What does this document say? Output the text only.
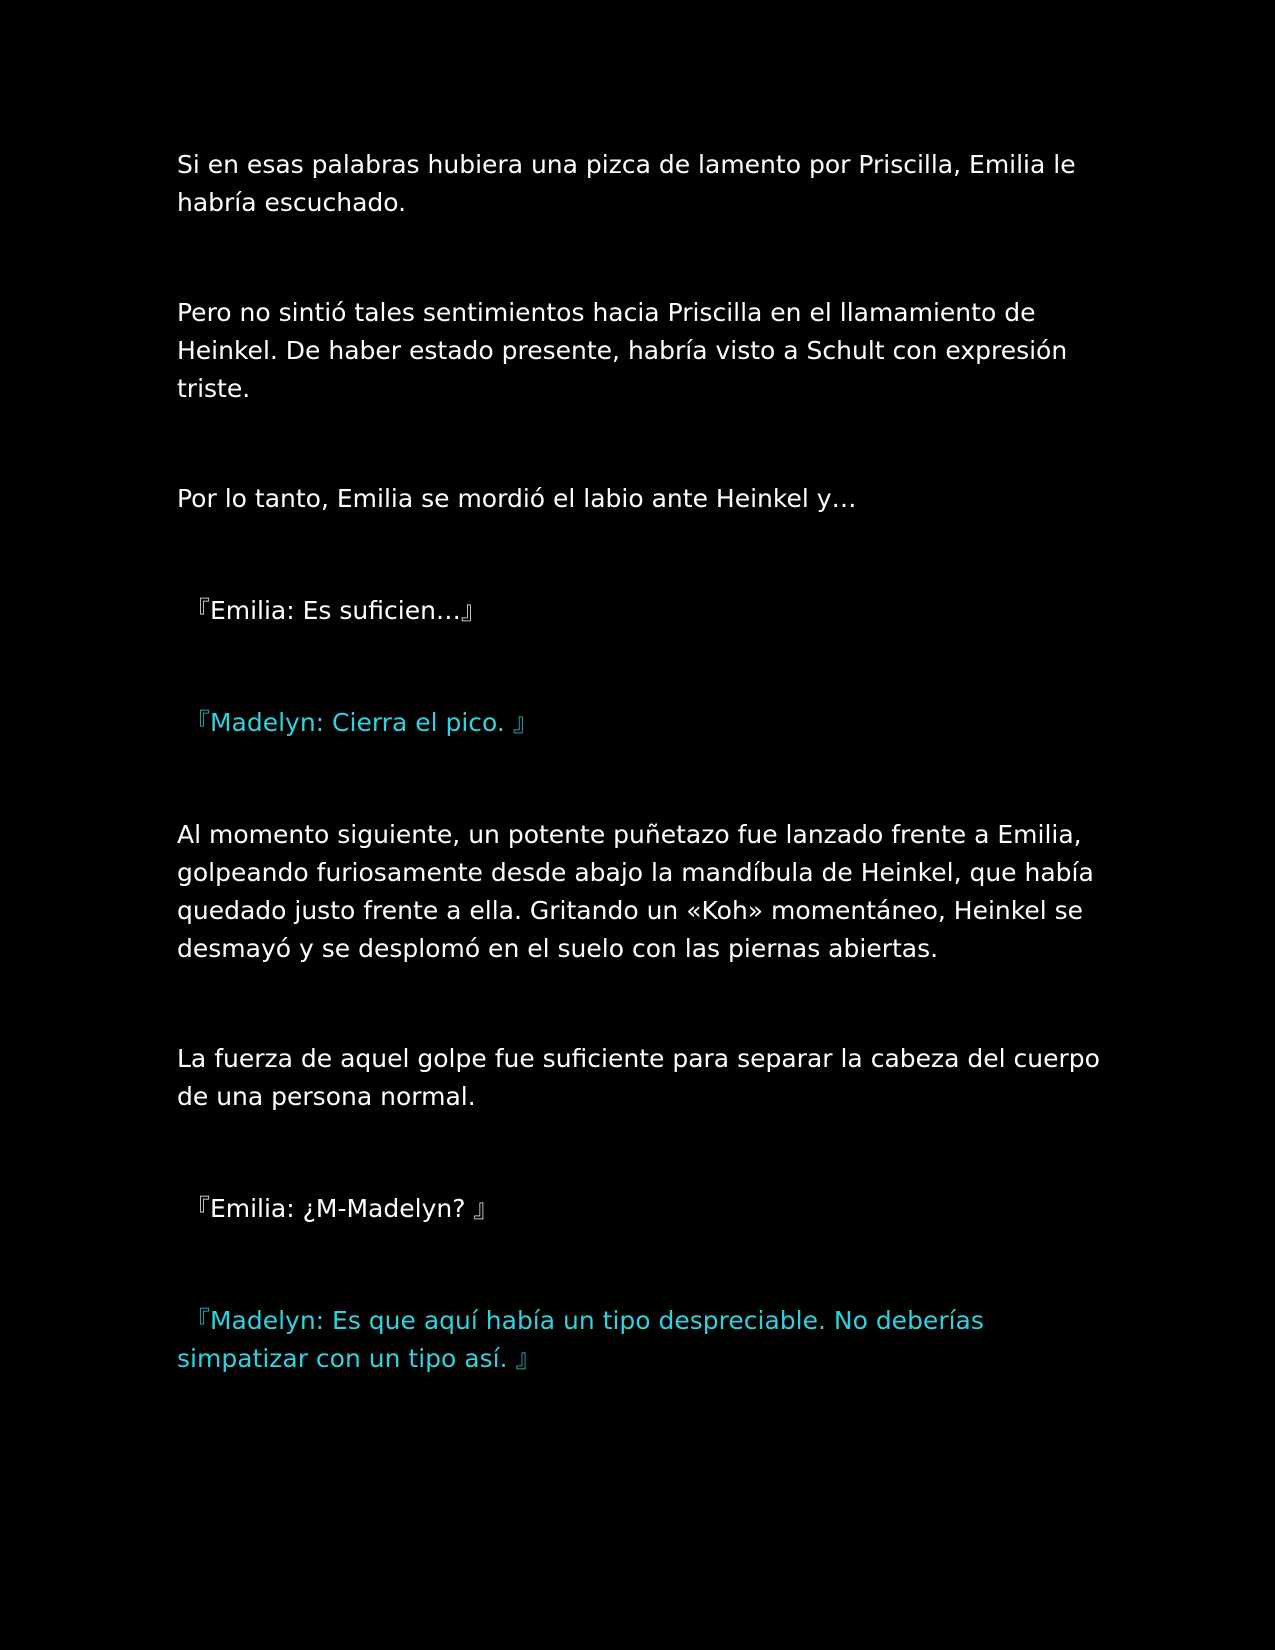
Si en esas palabras hubiera una pizca de lamento por Priscilla, Emilia le habría escuchado.

Pero no sintió tales sentimientos hacia Priscilla en el llamamiento de Heinkel. De haber estado presente, habría visto a Schult con expresión triste.

Por lo tanto, Emilia se mordió el labio ante Heinkel y…

『Emilia: Es suficien…』

『Madelyn: Cierra el pico. 』

Al momento siguiente, un potente puñetazo fue lanzado frente a Emilia, golpeando furiosamente desde abajo la mandíbula de Heinkel, que había quedado justo frente a ella. Gritando un «Koh» momentáneo, Heinkel se desmayó y se desplomó en el suelo con las piernas abiertas.

La fuerza de aquel golpe fue suficiente para separar la cabeza del cuerpo de una persona normal.

『Emilia: ¿M-Madelyn? 』

『Madelyn: Es que aquí había un tipo despreciable. No deberías simpatizar con un tipo así. 』
